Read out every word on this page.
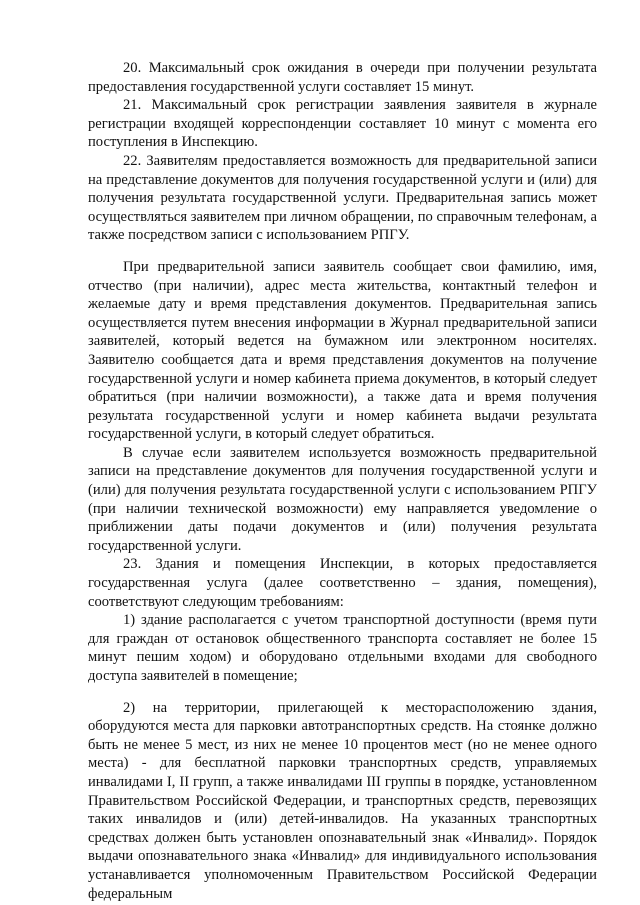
20. Максимальный срок ожидания в очереди при получении результата предоставления государственной услуги составляет 15 минут.

21. Максимальный срок регистрации заявления заявителя в журнале регистрации входящей корреспонденции составляет 10 минут с момента его поступления в Инспекцию.

22. Заявителям предоставляется возможность для предварительной записи на представление документов для получения государственной услуги и (или) для получения результата государственной услуги. Предварительная запись может осуществляться заявителем при личном обращении, по справочным телефонам, а также посредством записи с использованием РПГУ.

При предварительной записи заявитель сообщает свои фамилию, имя, отчество (при наличии), адрес места жительства, контактный телефон и желаемые дату и время представления документов. Предварительная запись осуществляется путем внесения информации в Журнал предварительной записи заявителей, который ведется на бумажном или электронном носителях. Заявителю сообщается дата и время представления документов на получение государственной услуги и номер кабинета приема документов, в который следует обратиться (при наличии возможности), а также дата и время получения результата государственной услуги и номер кабинета выдачи результата государственной услуги, в который следует обратиться.

В случае если заявителем используется возможность предварительной записи на представление документов для получения государственной услуги и (или) для получения результата государственной услуги с использованием РПГУ (при наличии технической возможности) ему направляется уведомление о приближении даты подачи документов и (или) получения результата государственной услуги.

23. Здания и помещения Инспекции, в которых предоставляется государственная услуга (далее соответственно – здания, помещения), соответствуют следующим требованиям:

1) здание располагается с учетом транспортной доступности (время пути для граждан от остановок общественного транспорта составляет не более 15 минут пешим ходом) и оборудовано отдельными входами для свободного доступа заявителей в помещение;

2) на территории, прилегающей к месторасположению здания, оборудуются места для парковки автотранспортных средств. На стоянке должно быть не менее 5 мест, из них не менее 10 процентов мест (но не менее одного места) - для бесплатной парковки транспортных средств, управляемых инвалидами I, II групп, а также инвалидами III группы в порядке, установленном Правительством Российской Федерации, и транспортных средств, перевозящих таких инвалидов и (или) детей-инвалидов. На указанных транспортных средствах должен быть установлен опознавательный знак «Инвалид». Порядок выдачи опознавательного знака «Инвалид» для индивидуального использования устанавливается уполномоченным Правительством Российской Федерации федеральным
